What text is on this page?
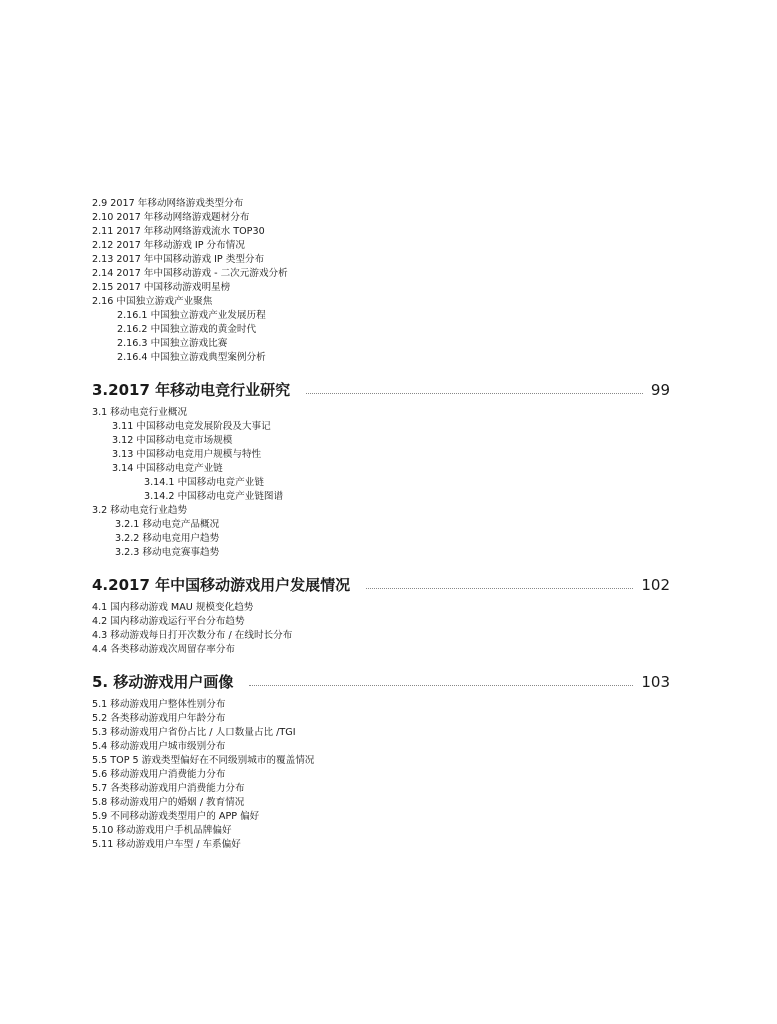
2.9 2017 年移动网络游戏类型分布
2.10 2017 年移动网络游戏题材分布
2.11 2017 年移动网络游戏流水 TOP30
2.12 2017 年移动游戏 IP 分布情况
2.13 2017 年中国移动游戏 IP 类型分布
2.14 2017 年中国移动游戏 - 二次元游戏分析
2.15 2017 中国移动游戏明星榜
2.16 中国独立游戏产业聚焦
2.16.1 中国独立游戏产业发展历程
2.16.2 中国独立游戏的黄金时代
2.16.3 中国独立游戏比赛
2.16.4 中国独立游戏典型案例分析
3.2017 年移动电竞行业研究	99
3.1 移动电竞行业概况
3.11 中国移动电竞发展阶段及大事记
3.12 中国移动电竞市场规模
3.13 中国移动电竞用户规模与特性
3.14 中国移动电竞产业链
3.14.1 中国移动电竞产业链
3.14.2 中国移动电竞产业链图谱
3.2 移动电竞行业趋势
3.2.1 移动电竞产品概况
3.2.2 移动电竞用户趋势
3.2.3 移动电竞赛事趋势
4.2017 年中国移动游戏用户发展情况	102
4.1 国内移动游戏 MAU 规模变化趋势
4.2 国内移动游戏运行平台分布趋势
4.3 移动游戏每日打开次数分布 / 在线时长分布
4.4 各类移动游戏次周留存率分布
5. 移动游戏用户画像	103
5.1 移动游戏用户整体性别分布
5.2 各类移动游戏用户年龄分布
5.3 移动游戏用户省份占比 / 人口数量占比 /TGI
5.4 移动游戏用户城市级别分布
5.5 TOP 5 游戏类型偏好在不同级别城市的覆盖情况
5.6 移动游戏用户消费能力分布
5.7 各类移动游戏用户消费能力分布
5.8 移动游戏用户的婚姻 / 教育情况
5.9 不同移动游戏类型用户的 APP 偏好
5.10 移动游戏用户手机品牌偏好
5.11 移动游戏用户车型 / 车系偏好
